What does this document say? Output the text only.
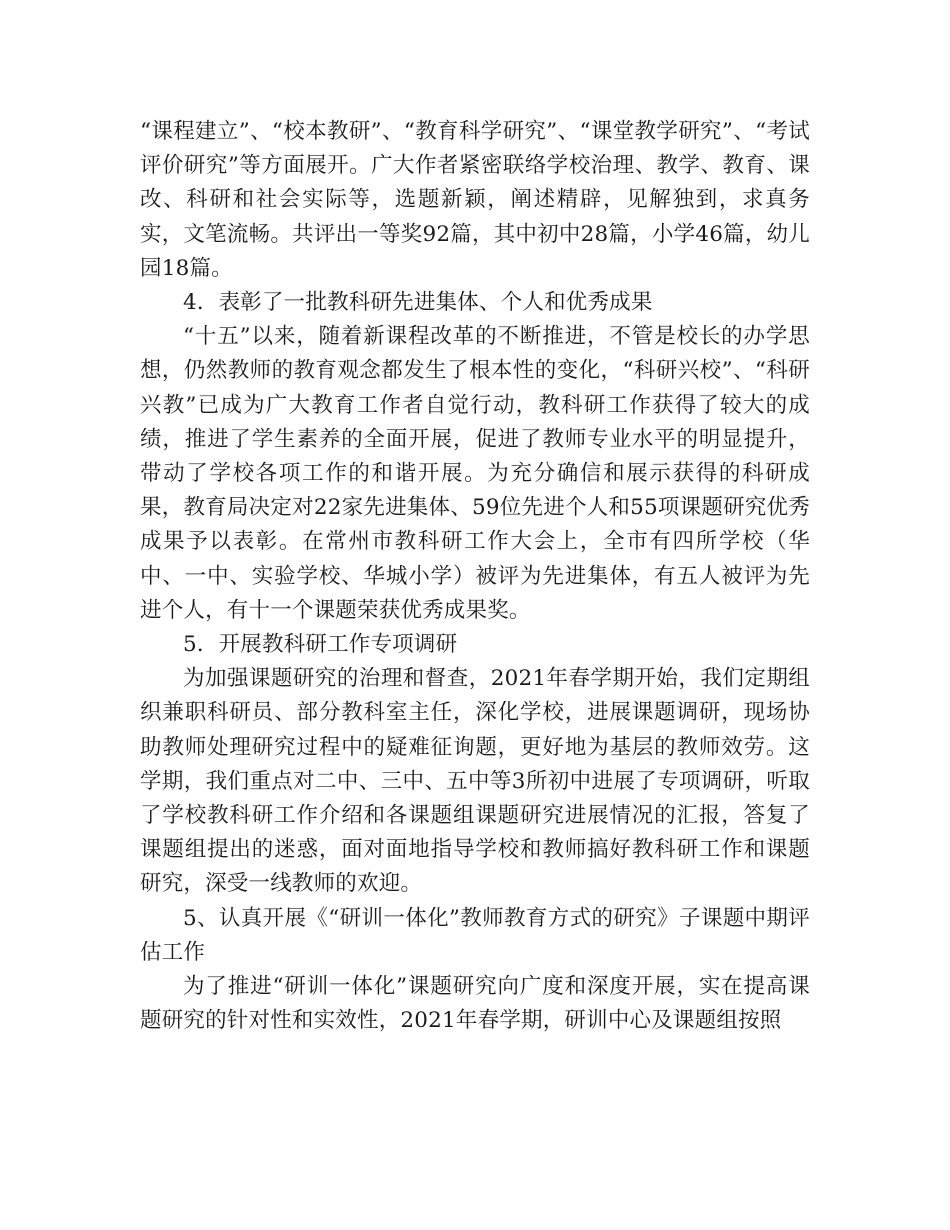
“课程建立”、“校本教研”、“教育科学研究”、“课堂教学研究”、“考试评价研究”等方面展开。广大作者紧密联络学校治理、教学、教育、课改、科研和社会实际等，选题新颖，阐述精辟，见解独到，求真务实，文笔流畅。共评出一等奖92篇，其中初中28篇，小学46篇，幼儿园18篇。

4．表彰了一批教科研先进集体、个人和优秀成果

“十五”以来，随着新课程改革的不断推进，不管是校长的办学思想，仍然教师的教育观念都发生了根本性的变化，“科研兴校”、“科研兴教”已成为广大教育工作者自觉行动，教科研工作获得了较大的成绩，推进了学生素养的全面开展，促进了教师专业水平的明显提升，带动了学校各项工作的和谐开展。为充分确信和展示获得的科研成果，教育局决定对22家先进集体、59位先进个人和55项课题研究优秀成果予以表彰。在常州市教科研工作大会上，全市有四所学校（华中、一中、实验学校、华城小学）被评为先进集体，有五人被评为先进个人，有十一个课题荣获优秀成果奖。

5．开展教科研工作专项调研

为加强课题研究的治理和督查，2021年春学期开始，我们定期组织兼职科研员、部分教科室主任，深化学校，进展课题调研，现场协助教师处理研究过程中的疑难征询题，更好地为基层的教师效劳。这学期，我们重点对二中、三中、五中等3所初中进展了专项调研，听取了学校教科研工作介绍和各课题组课题研究进展情况的汇报，答复了课题组提出的迷惑，面对面地指导学校和教师搞好教科研工作和课题研究，深受一线教师的欢迎。

5、认真开展《“研训一体化”教师教育方式的研究》子课题中期评估工作

为了推进“研训一体化”课题研究向广度和深度开展，实在提高课题研究的针对性和实效性，2021年春学期，研训中心及课题组按照
